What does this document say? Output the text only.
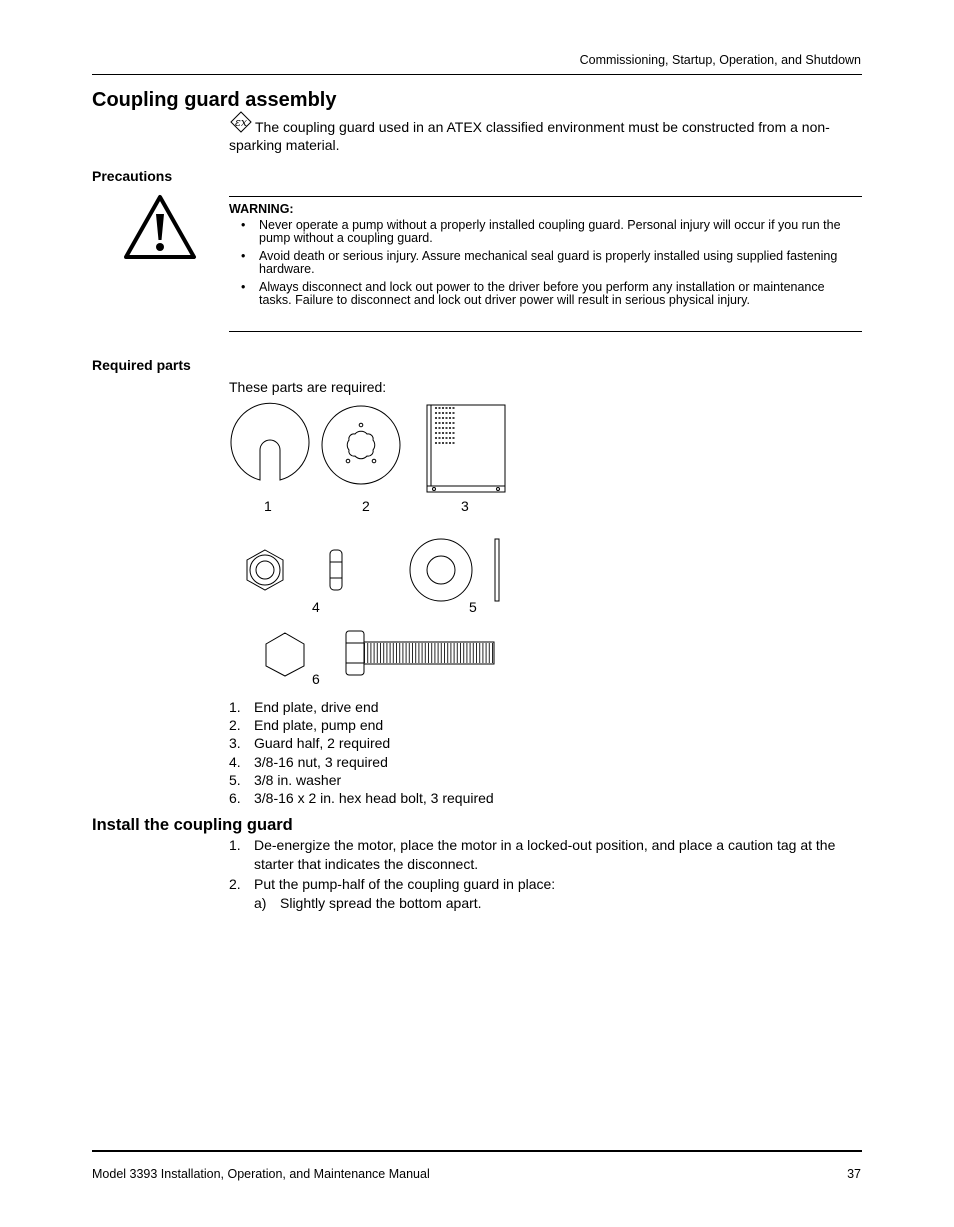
Commissioning, Startup, Operation, and Shutdown
Coupling guard assembly
εx The coupling guard used in an ATEX classified environment must be constructed from a non-sparking material.

Precautions
WARNING:
• Never operate a pump without a properly installed coupling guard. Personal injury will occur if you run the pump without a coupling guard.
• Avoid death or serious injury. Assure mechanical seal guard is properly installed using supplied fastening hardware.
• Always disconnect and lock out power to the driver before you perform any installation or maintenance tasks. Failure to disconnect and lock out driver power will result in serious physical injury.
Required parts
These parts are required:
1	2	3
4	5
6
1. End plate, drive end
2. End plate, pump end
3. Guard half, 2 required
4. 3/8-16 nut, 3 required
5. 3/8 in. washer
6. 3/8-16 x 2 in. hex head bolt, 3 required
Install the coupling guard
1. De-energize the motor, place the motor in a locked-out position, and place a caution tag at the starter that indicates the disconnect.
2. Put the pump-half of the coupling guard in place:
a) Slightly spread the bottom apart.
Model 3393 Installation, Operation, and Maintenance Manual	37
